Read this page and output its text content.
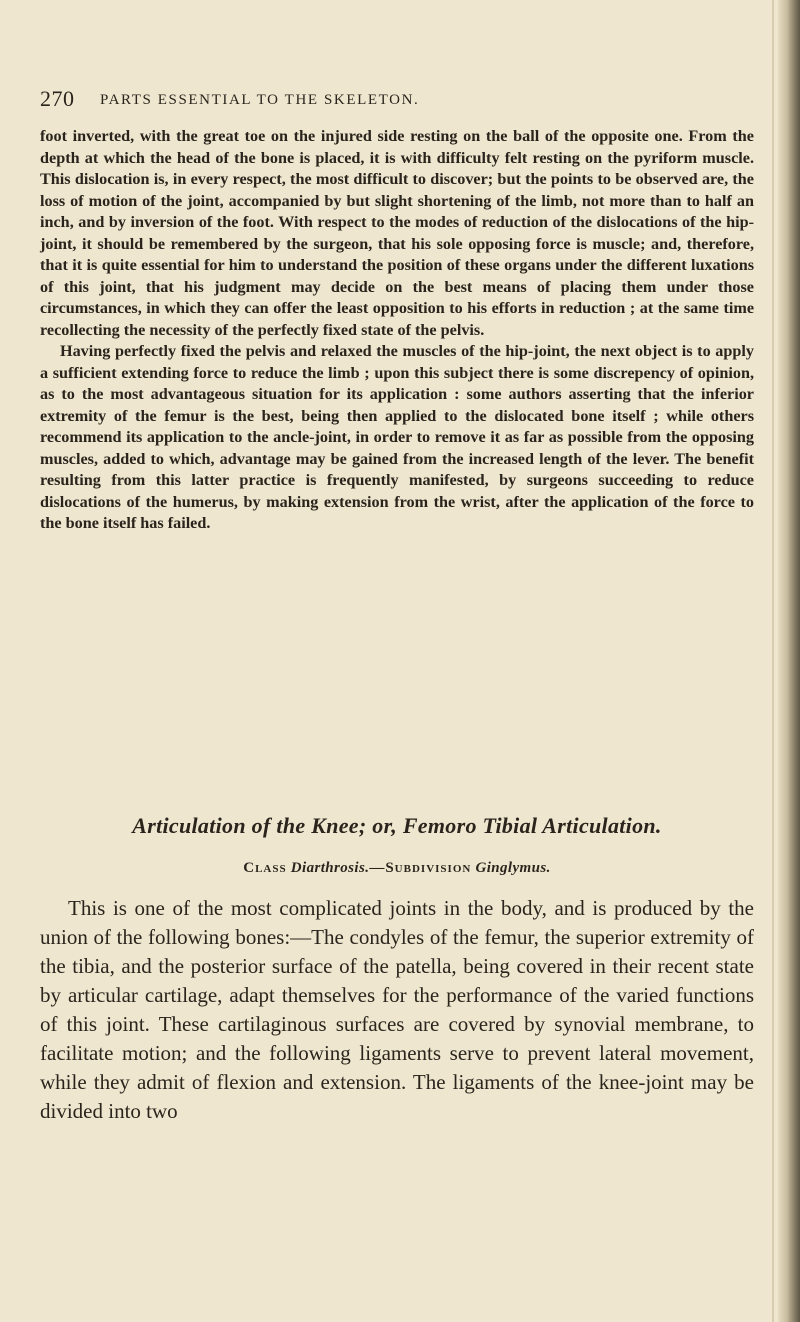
270 PARTS ESSENTIAL TO THE SKELETON.

foot inverted, with the great toe on the injured side resting on the ball of the opposite one. From the depth at which the head of the bone is placed, it is with difficulty felt resting on the pyriform muscle. This dislocation is, in every respect, the most difficult to discover; but the points to be observed are, the loss of motion of the joint, accompanied by but slight shortening of the limb, not more than to half an inch, and by inversion of the foot. With respect to the modes of reduction of the dislocations of the hip-joint, it should be remembered by the surgeon, that his sole opposing force is muscle; and, therefore, that it is quite essential for him to understand the position of these organs under the different luxations of this joint, that his judgment may decide on the best means of placing them under those circumstances, in which they can offer the least opposition to his efforts in reduction ; at the same time recollecting the necessity of the perfectly fixed state of the pelvis.

Having perfectly fixed the pelvis and relaxed the muscles of the hip-joint, the next object is to apply a sufficient extending force to reduce the limb ; upon this subject there is some discrepency of opinion, as to the most advantageous situation for its application : some authors asserting that the inferior extremity of the femur is the best, being then applied to the dislocated bone itself ; while others recommend its application to the ancle-joint, in order to remove it as far as possible from the opposing muscles, added to which, advantage may be gained from the increased length of the lever. The benefit resulting from this latter practice is frequently manifested, by surgeons succeeding to reduce dislocations of the humerus, by making extension from the wrist, after the application of the force to the bone itself has failed.

Articulation of the Knee; or, Femoro Tibial Articulation.
Class Diarthrosis.—Subdivision Ginglymus.

This is one of the most complicated joints in the body, and is produced by the union of the following bones:—The condyles of the femur, the superior extremity of the tibia, and the posterior surface of the patella, being covered in their recent state by articular cartilage, adapt themselves for the performance of the varied functions of this joint. These cartilaginous surfaces are covered by synovial membrane, to facilitate motion; and the following ligaments serve to prevent lateral movement, while they admit of flexion and extension. The ligaments of the knee-joint may be divided into two
